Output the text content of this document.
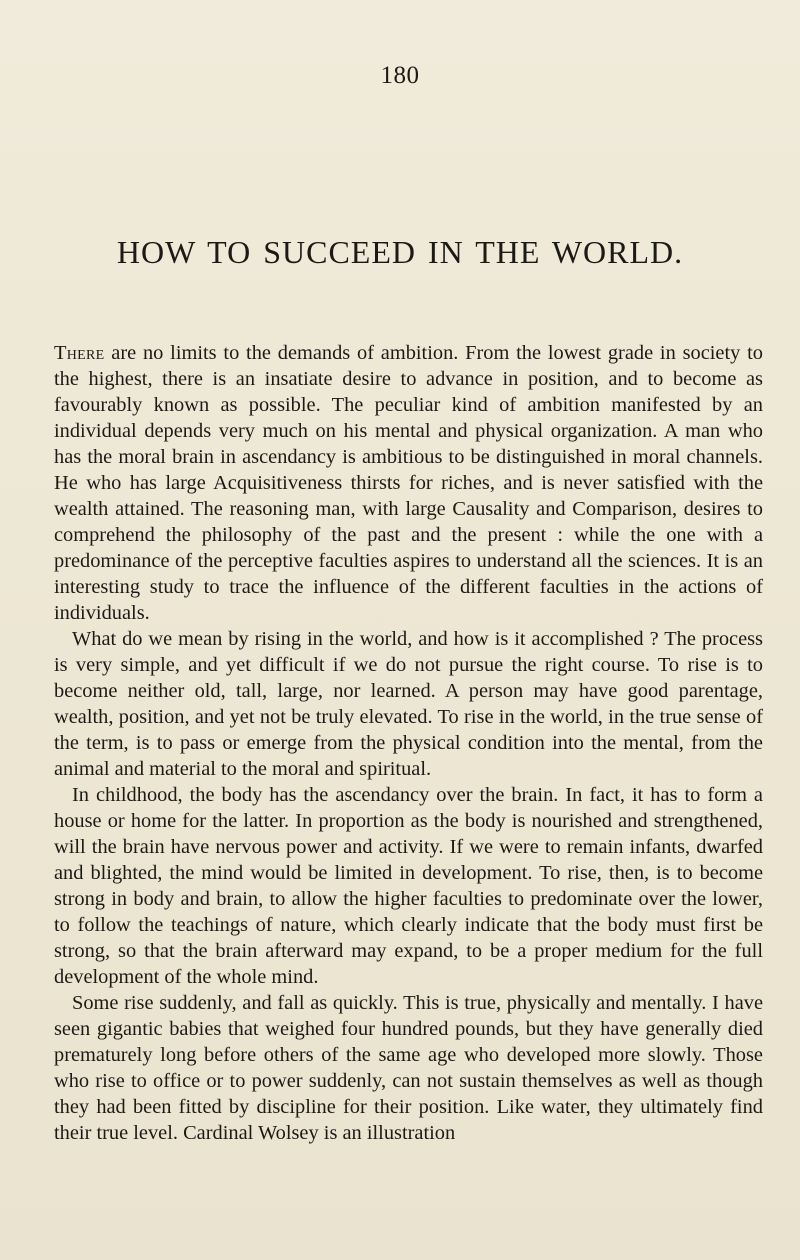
180
HOW TO SUCCEED IN THE WORLD.

There are no limits to the demands of ambition. From the lowest grade in society to the highest, there is an insatiate desire to advance in position, and to become as favourably known as possible. The peculiar kind of ambition manifested by an individual depends very much on his mental and physical organization. A man who has the moral brain in ascendancy is ambitious to be distinguished in moral channels. He who has large Acquisitiveness thirsts for riches, and is never satisfied with the wealth attained. The reasoning man, with large Causality and Comparison, desires to comprehend the philosophy of the past and the present : while the one with a predominance of the perceptive faculties aspires to understand all the sciences. It is an interesting study to trace the influence of the different faculties in the actions of individuals.

What do we mean by rising in the world, and how is it accomplished ? The process is very simple, and yet difficult if we do not pursue the right course. To rise is to become neither old, tall, large, nor learned. A person may have good parentage, wealth, position, and yet not be truly elevated. To rise in the world, in the true sense of the term, is to pass or emerge from the physical condition into the mental, from the animal and material to the moral and spiritual.

In childhood, the body has the ascendancy over the brain. In fact, it has to form a house or home for the latter. In proportion as the body is nourished and strengthened, will the brain have nervous power and activity. If we were to remain infants, dwarfed and blighted, the mind would be limited in development. To rise, then, is to become strong in body and brain, to allow the higher faculties to predominate over the lower, to follow the teachings of nature, which clearly indicate that the body must first be strong, so that the brain afterward may expand, to be a proper medium for the full development of the whole mind.

Some rise suddenly, and fall as quickly. This is true, physically and mentally. I have seen gigantic babies that weighed four hundred pounds, but they have generally died prematurely long before others of the same age who developed more slowly. Those who rise to office or to power suddenly, can not sustain themselves as well as though they had been fitted by discipline for their position. Like water, they ultimately find their true level. Cardinal Wolsey is an illustration
